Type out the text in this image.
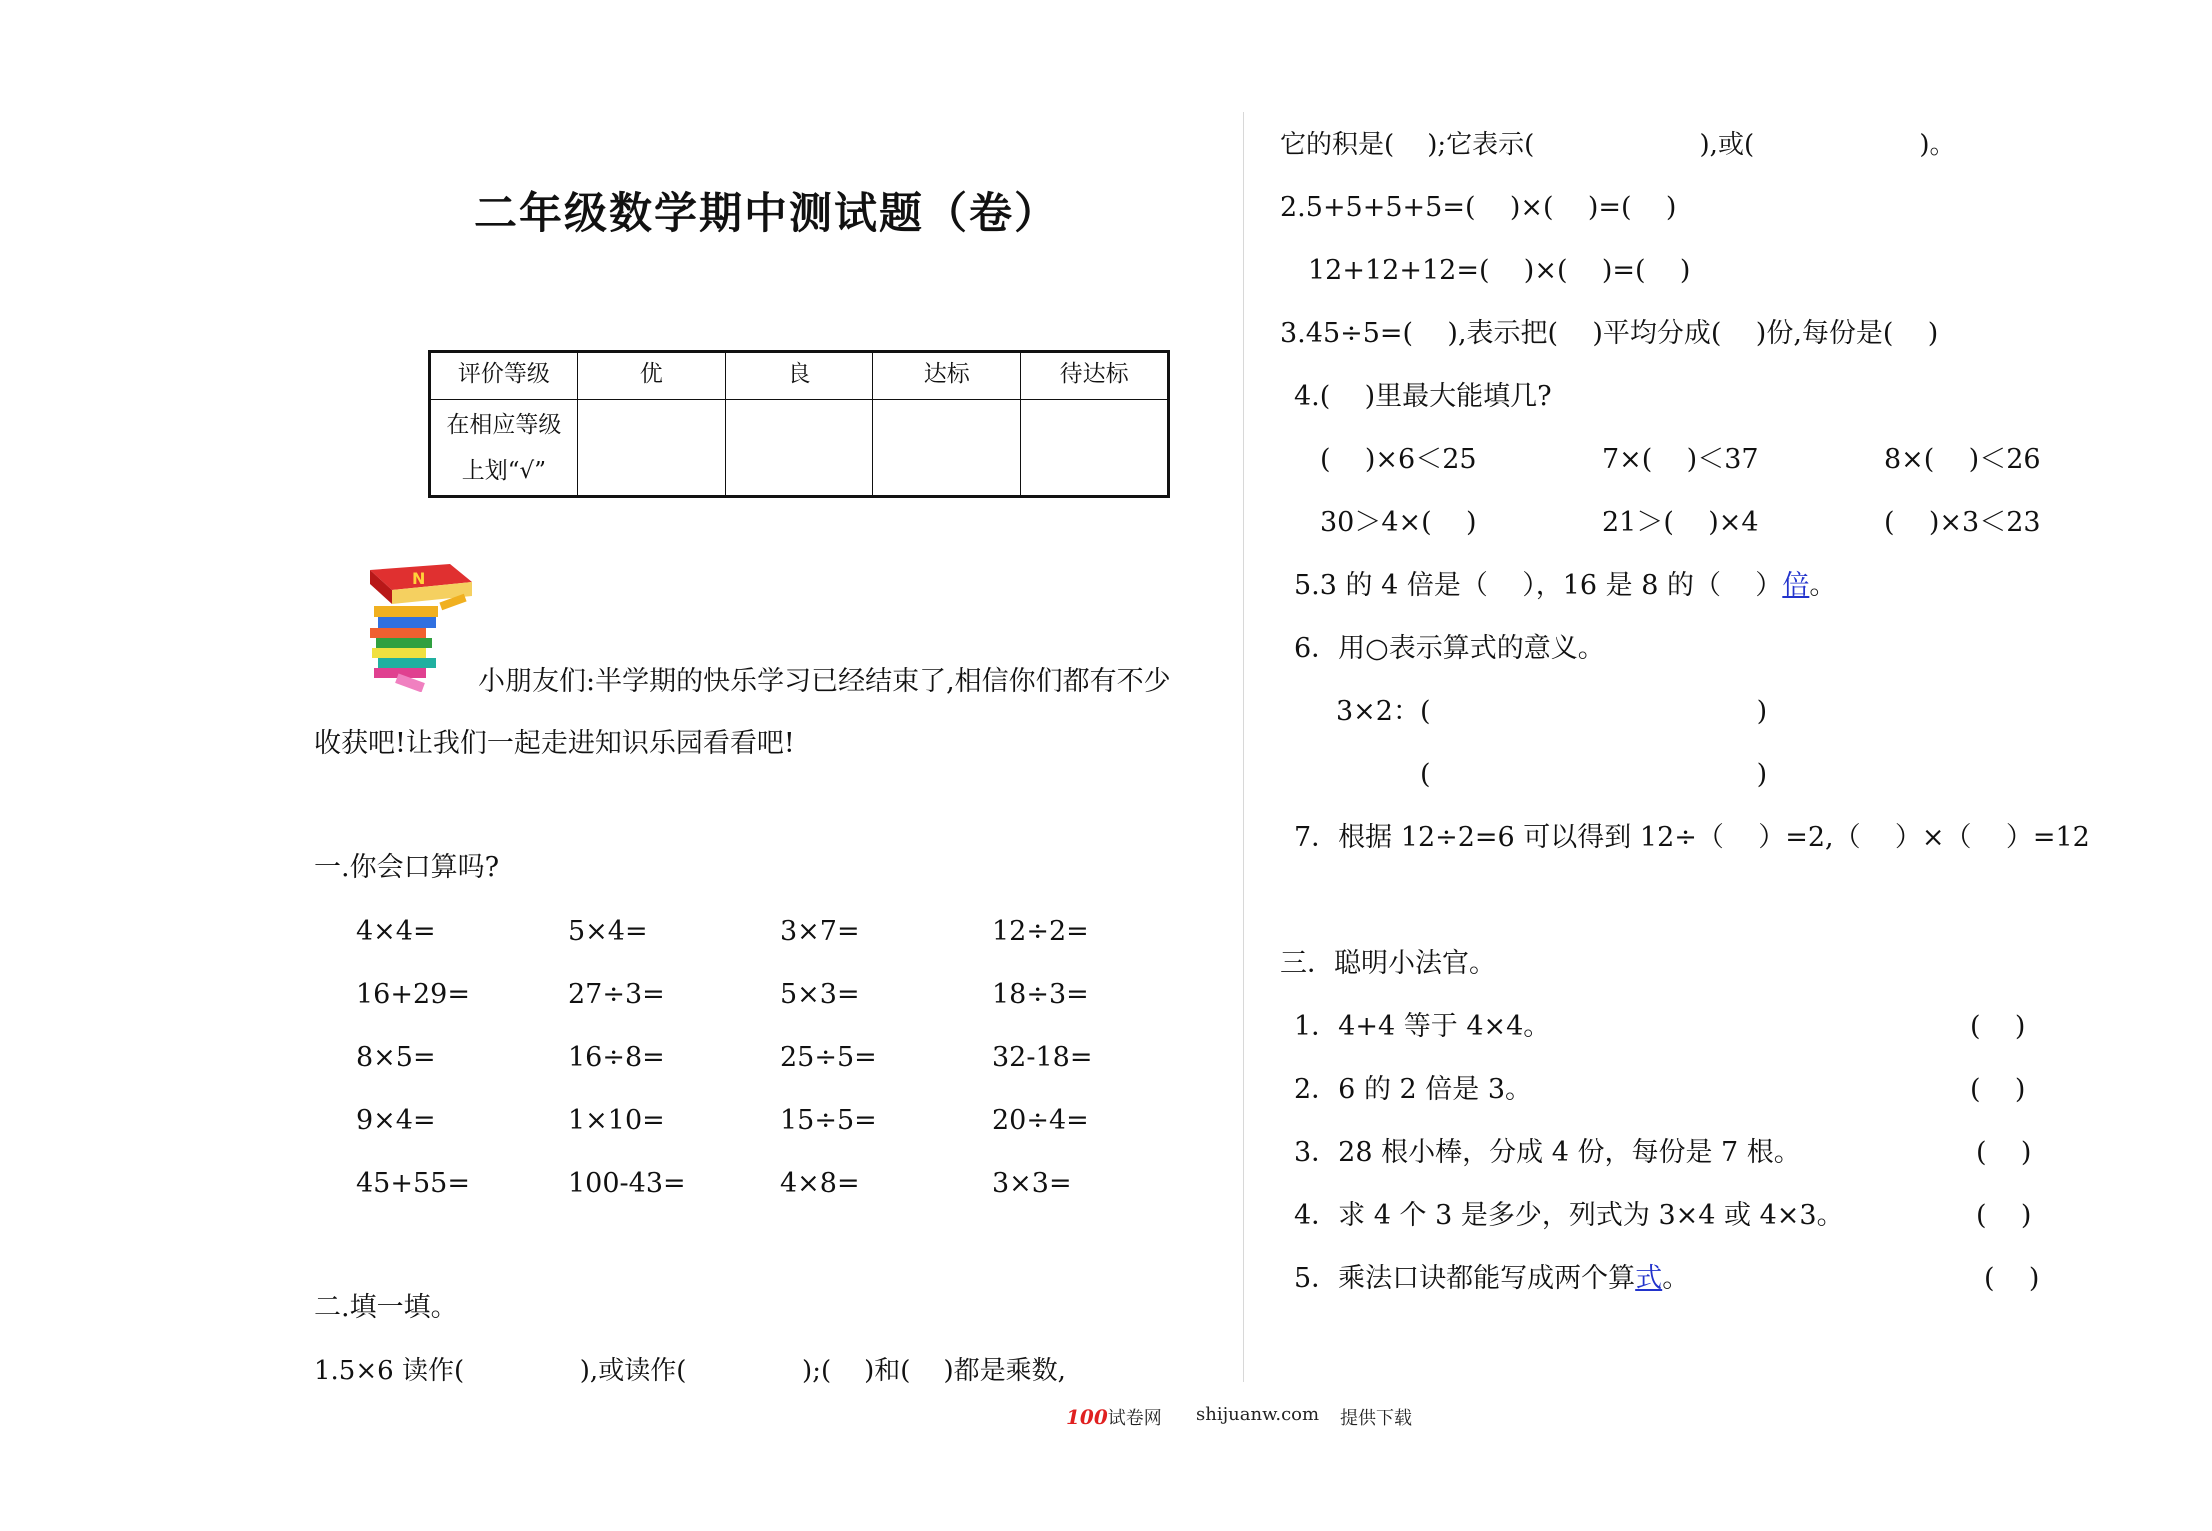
二年级数学期中测试题（卷）
评价等级	优	良	达标	待达标

在相应等级
上划“√”				

N
小朋友们:半学期的快乐学习已经结束了,相信你们都有不少
收获吧!让我们一起走进知识乐园看看吧!
一.你会口算吗?
4×4=	5×4=	3×7=	12÷2=
16+29=	27÷3=	5×3=	18÷3=
8×5=	16÷8=	25÷5=	32-18=
9×4=	1×10=	15÷5=	20÷4=
45+55=	100-43=	4×8=	3×3=
二.填一填。
1.5×6 读作(              ),或读作(              );(    )和(    )都是乘数,
它的积是(    );它表示(                    ),或(                    )。
2.5+5+5+5=(    )×(    )=(    )
12+12+12=(    )×(    )=(    )
3.45÷5=(    ),表示把(    )平均分成(    )份,每份是(    )
4.(    )里最大能填几?
(    )×6＜25	7×(    )＜37	8×(    )＜26
30＞4×(    )	21＞(    )×4	(    )×3＜23
5.3 的 4 倍是（    ），16 是 8 的（    ）倍。
6．用○表示算式的意义。
3×2：(                                      )
(                                      )
7．根据 12÷2=6 可以得到 12÷（    ）=2,（    ）×（    ）=12
三．聪明小法官。
1．4+4 等于 4×4。	(    )
2．6 的 2 倍是 3。	(    )
3．28 根小棒，分成 4 份，每份是 7 根。	(    )
4．求 4 个 3 是多少，列式为 3×4 或 4×3。	(    )
5．乘法口诀都能写成两个算式。	(    )
100试卷网 shijuanw.com 提供下载
